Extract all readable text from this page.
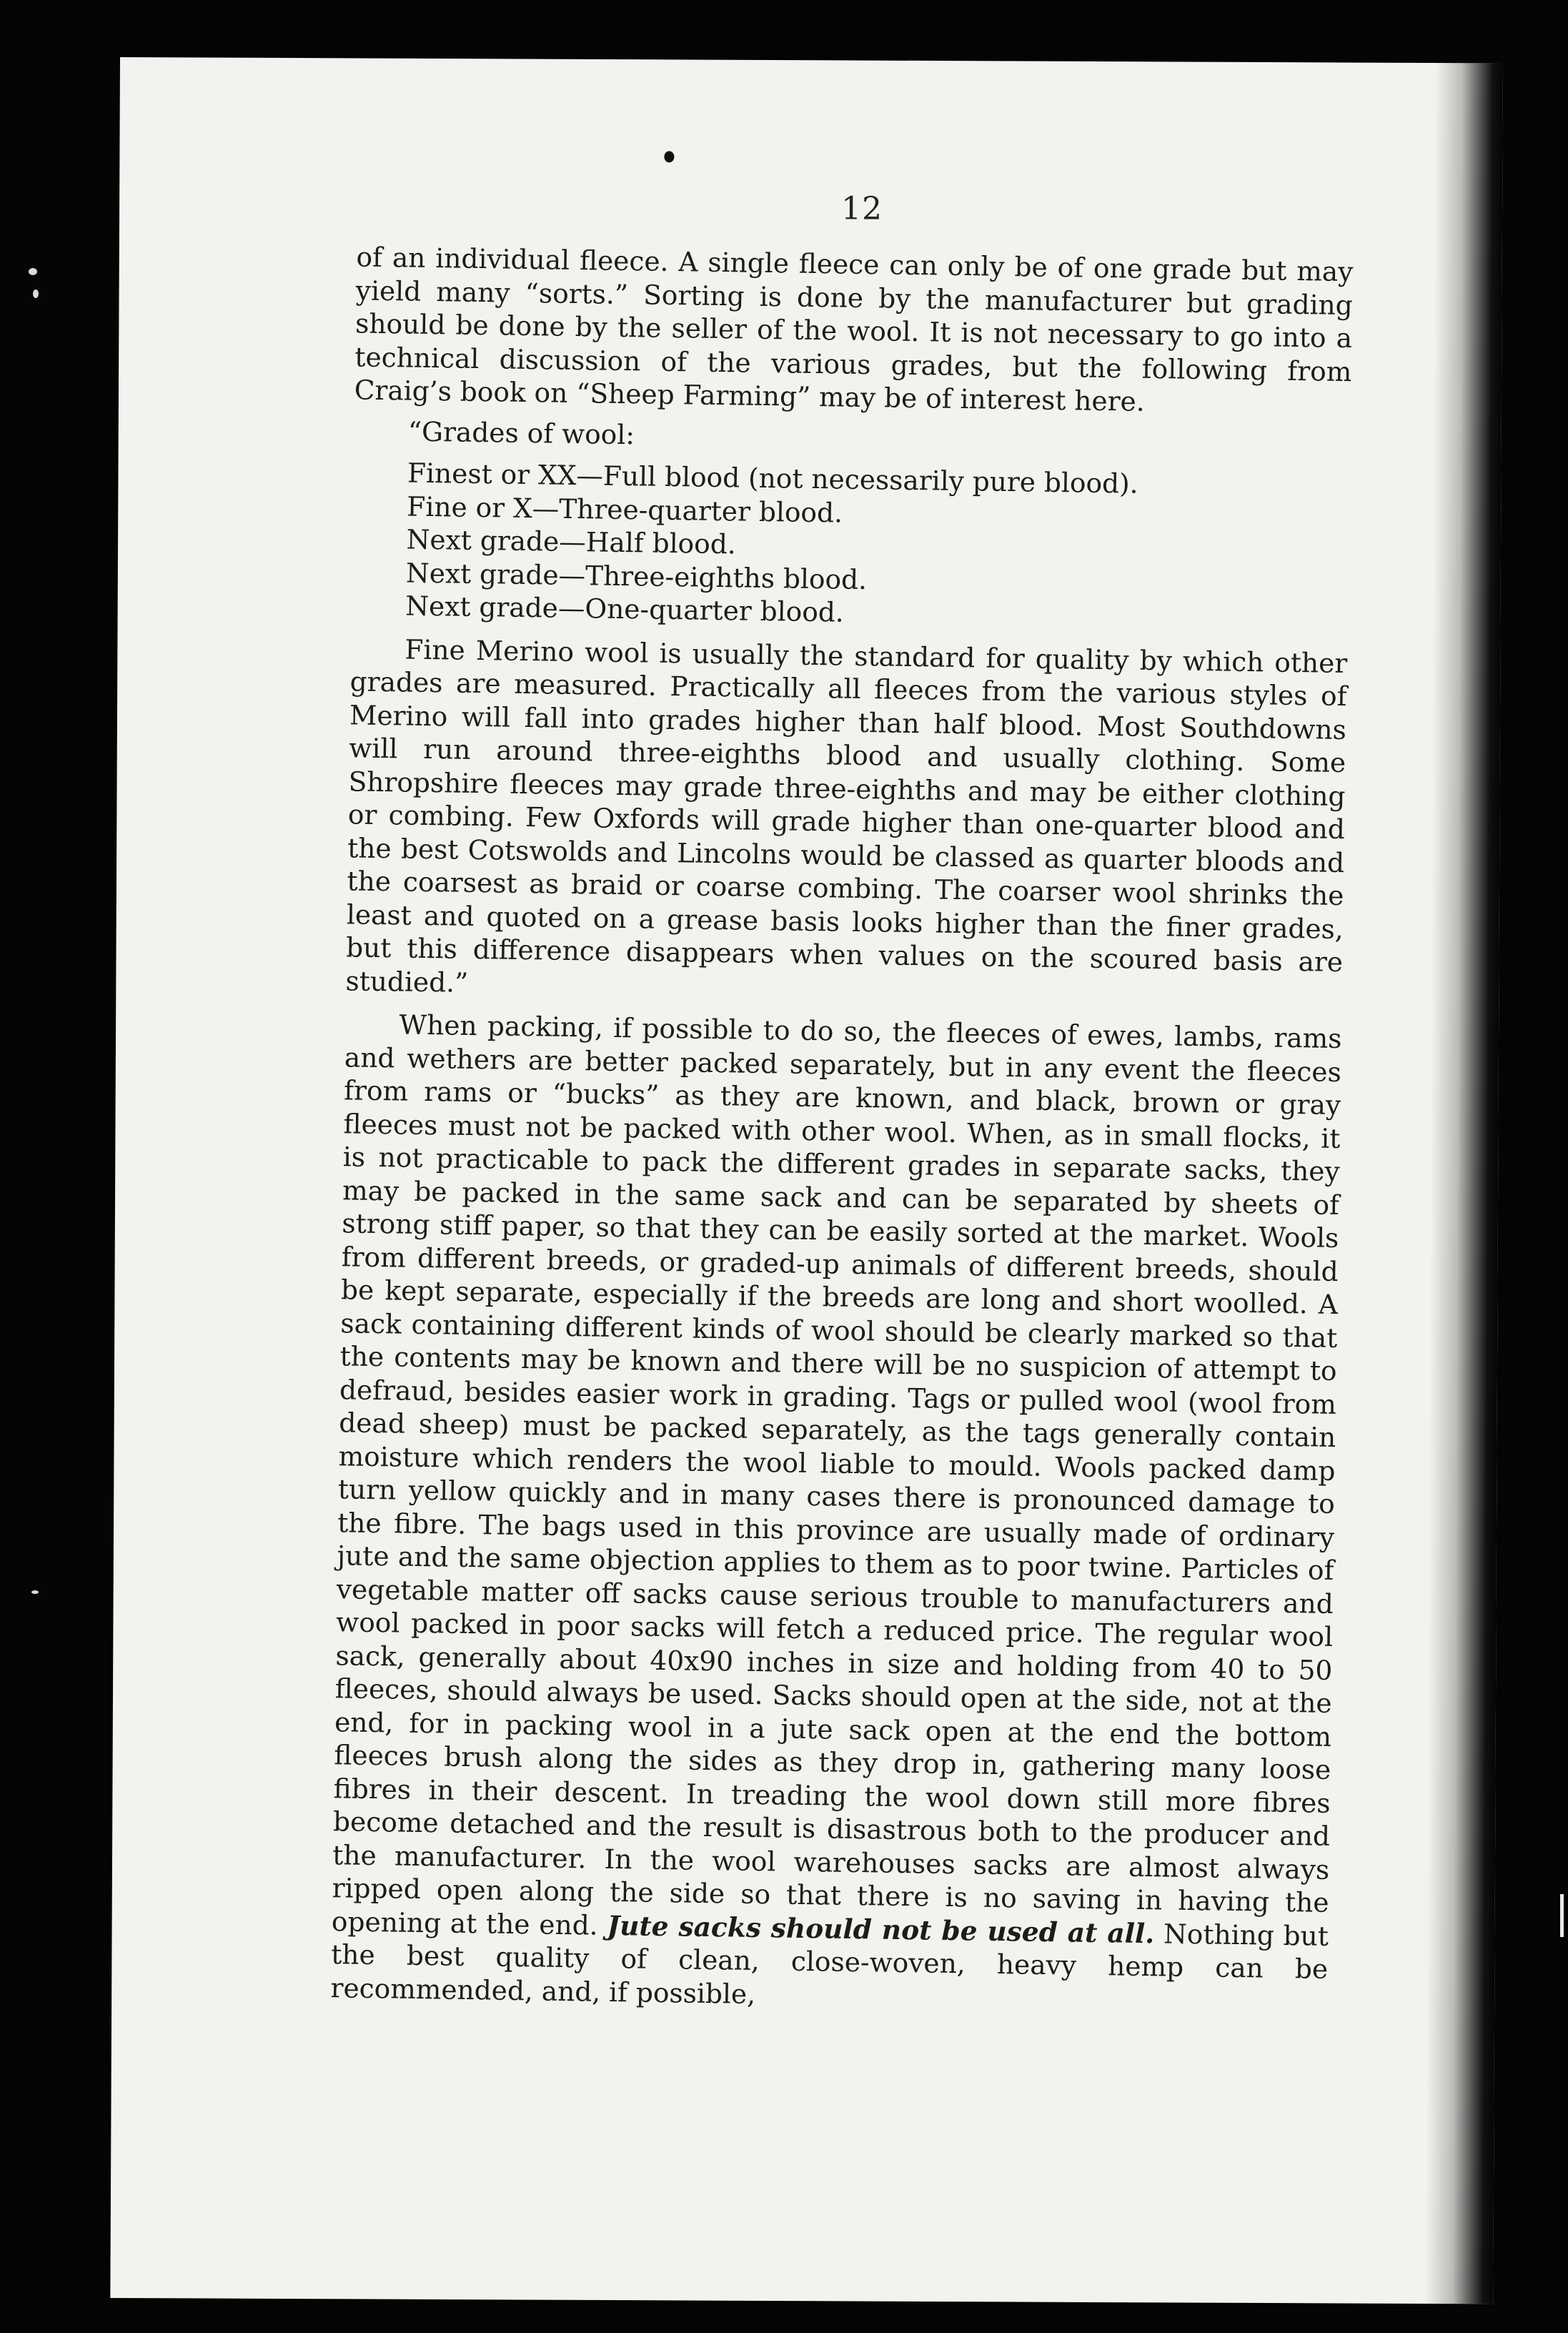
12

of an individual fleece. A single fleece can only be of one grade but may yield many “sorts.” Sorting is done by the manufacturer but grading should be done by the seller of the wool. It is not necessary to go into a technical discussion of the various grades, but the following from Craig’s book on “Sheep Farming” may be of interest here.

“Grades of wool:

Finest or XX—Full blood (not necessarily pure blood).
Fine or X—Three-quarter blood.
Next grade—Half blood.
Next grade—Three-eighths blood.
Next grade—One-quarter blood.

Fine Merino wool is usually the standard for quality by which other grades are measured. Practically all fleeces from the various styles of Merino will fall into grades higher than half blood. Most Southdowns will run around three-eighths blood and usually clothing. Some Shropshire fleeces may grade three-eighths and may be either clothing or combing. Few Oxfords will grade higher than one-quarter blood and the best Cotswolds and Lincolns would be classed as quarter bloods and the coarsest as braid or coarse combing. The coarser wool shrinks the least and quoted on a grease basis looks higher than the finer grades, but this difference disappears when values on the scoured basis are studied.”

When packing, if possible to do so, the fleeces of ewes, lambs, rams and wethers are better packed separately, but in any event the fleeces from rams or “bucks” as they are known, and black, brown or gray fleeces must not be packed with other wool. When, as in small flocks, it is not practicable to pack the different grades in separate sacks, they may be packed in the same sack and can be separated by sheets of strong stiff paper, so that they can be easily sorted at the market. Wools from different breeds, or graded-up animals of different breeds, should be kept separate, especially if the breeds are long and short woolled. A sack containing different kinds of wool should be clearly marked so that the contents may be known and there will be no suspicion of attempt to defraud, besides easier work in grading. Tags or pulled wool (wool from dead sheep) must be packed separately, as the tags generally contain moisture which renders the wool liable to mould. Wools packed damp turn yellow quickly and in many cases there is pronounced damage to the fibre. The bags used in this province are usually made of ordinary jute and the same objection applies to them as to poor twine. Particles of vegetable matter off sacks cause serious trouble to manufacturers and wool packed in poor sacks will fetch a reduced price. The regular wool sack, generally about 40x90 inches in size and holding from 40 to 50 fleeces, should always be used. Sacks should open at the side, not at the end, for in packing wool in a jute sack open at the end the bottom fleeces brush along the sides as they drop in, gathering many loose fibres in their descent. In treading the wool down still more fibres become detached and the result is disastrous both to the producer and the manufacturer. In the wool warehouses sacks are almost always ripped open along the side so that there is no saving in having the opening at the end. Jute sacks should not be used at all. Nothing but the best quality of clean, close-woven, heavy hemp can be recommended, and, if possible,
